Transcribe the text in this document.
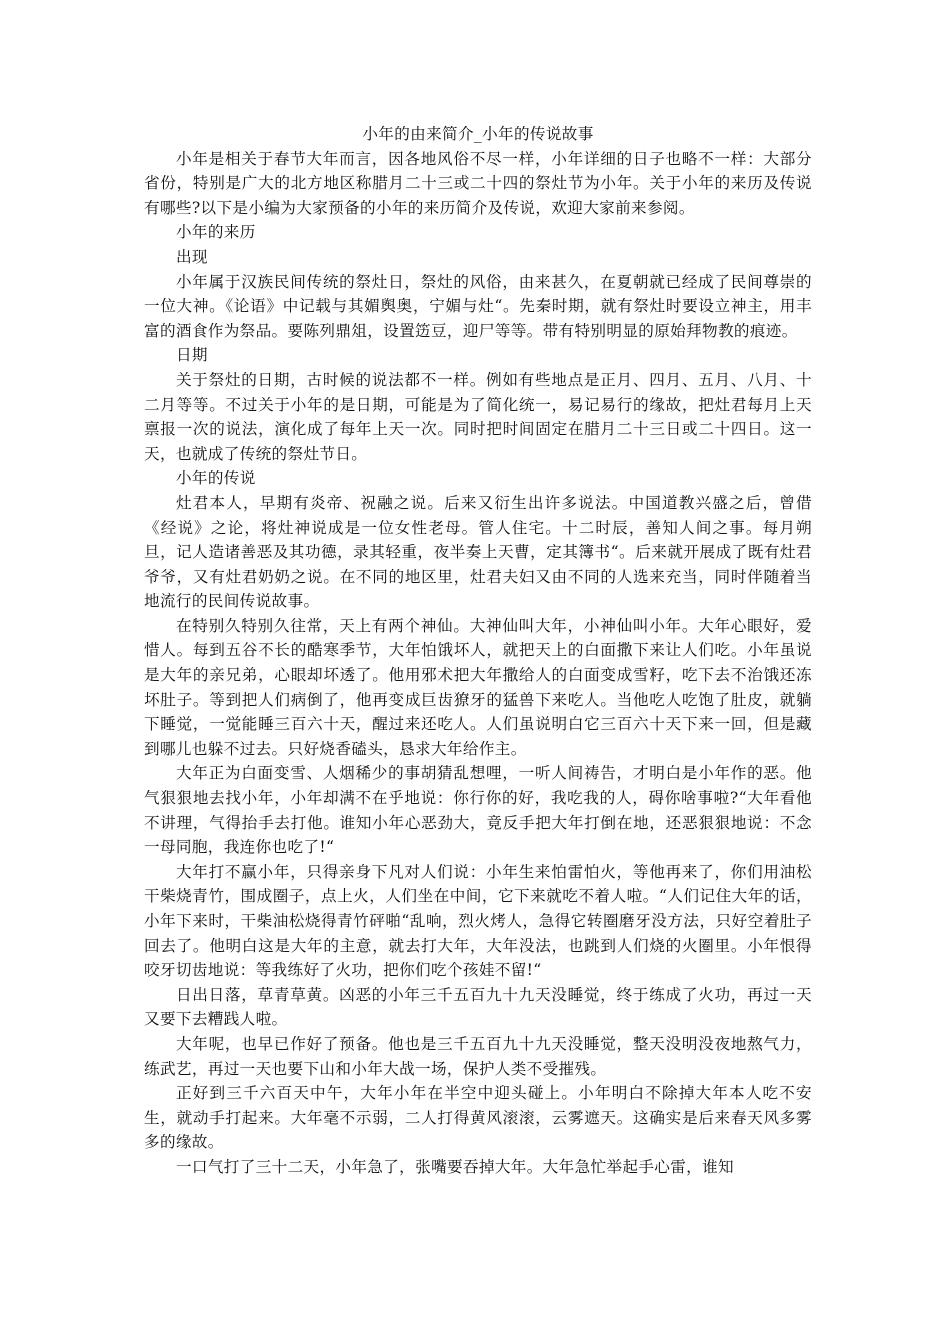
小年的由来简介_小年的传说故事

小年是相关于春节大年而言，因各地风俗不尽一样，小年详细的日子也略不一样：大部分省份，特别是广大的北方地区称腊月二十三或二十四的祭灶节为小年。关于小年的来历及传说有哪些?以下是小编为大家预备的小年的来历简介及传说，欢迎大家前来参阅。

小年的来历

出现

小年属于汉族民间传统的祭灶日，祭灶的风俗，由来甚久，在夏朝就已经成了民间尊崇的一位大神。《论语》中记载与其媚舆奥，宁媚与灶“。先秦时期，就有祭灶时要设立神主，用丰富的酒食作为祭品。要陈列鼎俎，设置笾豆，迎尸等等。带有特别明显的原始拜物教的痕迹。

日期

关于祭灶的日期，古时候的说法都不一样。例如有些地点是正月、四月、五月、八月、十二月等等。不过关于小年的是日期，可能是为了简化统一，易记易行的缘故，把灶君每月上天禀报一次的说法，演化成了每年上天一次。同时把时间固定在腊月二十三日或二十四日。这一天，也就成了传统的祭灶节日。

小年的传说

灶君本人，早期有炎帝、祝融之说。后来又衍生出许多说法。中国道教兴盛之后，曾借《经说》之论，将灶神说成是一位女性老母。管人住宅。十二时辰，善知人间之事。每月朔旦，记人造诸善恶及其功德，录其轻重，夜半奏上天曹，定其簿书“。后来就开展成了既有灶君爷爷，又有灶君奶奶之说。在不同的地区里，灶君夫妇又由不同的人选来充当，同时伴随着当地流行的民间传说故事。

在特别久特别久往常，天上有两个神仙。大神仙叫大年，小神仙叫小年。大年心眼好，爱惜人。每到五谷不长的酷寒季节，大年怕饿坏人，就把天上的白面撒下来让人们吃。小年虽说是大年的亲兄弟，心眼却坏透了。他用邪术把大年撒给人的白面变成雪籽，吃下去不治饿还冻坏肚子。等到把人们病倒了，他再变成巨齿獠牙的猛兽下来吃人。当他吃人吃饱了肚皮，就躺下睡觉，一觉能睡三百六十天，醒过来还吃人。人们虽说明白它三百六十天下来一回，但是藏到哪儿也躲不过去。只好烧香磕头，恳求大年给作主。

大年正为白面变雪、人烟稀少的事胡猜乱想哩，一听人间祷告，才明白是小年作的恶。他气狠狠地去找小年，小年却满不在乎地说：你行你的好，我吃我的人，碍你啥事啦?“大年看他不讲理，气得抬手去打他。谁知小年心恶劲大，竟反手把大年打倒在地，还恶狠狠地说：不念一母同胞，我连你也吃了!“

大年打不赢小年，只得亲身下凡对人们说：小年生来怕雷怕火，等他再来了，你们用油松干柴烧青竹，围成圈子，点上火，人们坐在中间，它下来就吃不着人啦。“人们记住大年的话，小年下来时，干柴油松烧得青竹砰啪“乱响，烈火烤人，急得它转圈磨牙没方法，只好空着肚子回去了。他明白这是大年的主意，就去打大年，大年没法，也跳到人们烧的火圈里。小年恨得咬牙切齿地说：等我练好了火功，把你们吃个孩娃不留!“

日出日落，草青草黄。凶恶的小年三千五百九十九天没睡觉，终于练成了火功，再过一天又要下去糟践人啦。

大年呢，也早已作好了预备。他也是三千五百九十九天没睡觉，整天没明没夜地熬气力，练武艺，再过一天也要下山和小年大战一场，保护人类不受摧残。

正好到三千六百天中午，大年小年在半空中迎头碰上。小年明白不除掉大年本人吃不安生，就动手打起来。大年毫不示弱，二人打得黄风滚滚，云雾遮天。这确实是后来春天风多雾多的缘故。

一口气打了三十二天，小年急了，张嘴要吞掉大年。大年急忙举起手心雷，谁知
